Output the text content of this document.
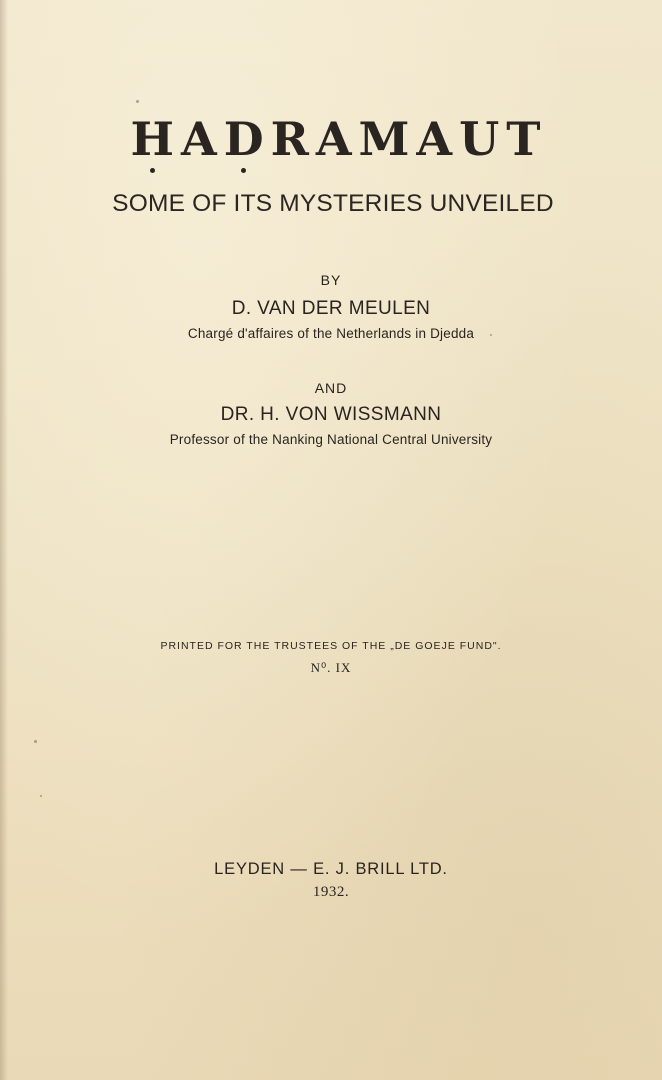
HADRAMAUT
SOME OF ITS MYSTERIES UNVEILED
BY
D. VAN DER MEULEN
Chargé d'affaires of the Netherlands in Djedda
AND
DR. H. VON WISSMANN
Professor of the Nanking National Central University
PRINTED FOR THE TRUSTEES OF THE „DE GOEJE FUND".
N⁰. IX
LEYDEN — E. J. BRILL LTD.
1932.
